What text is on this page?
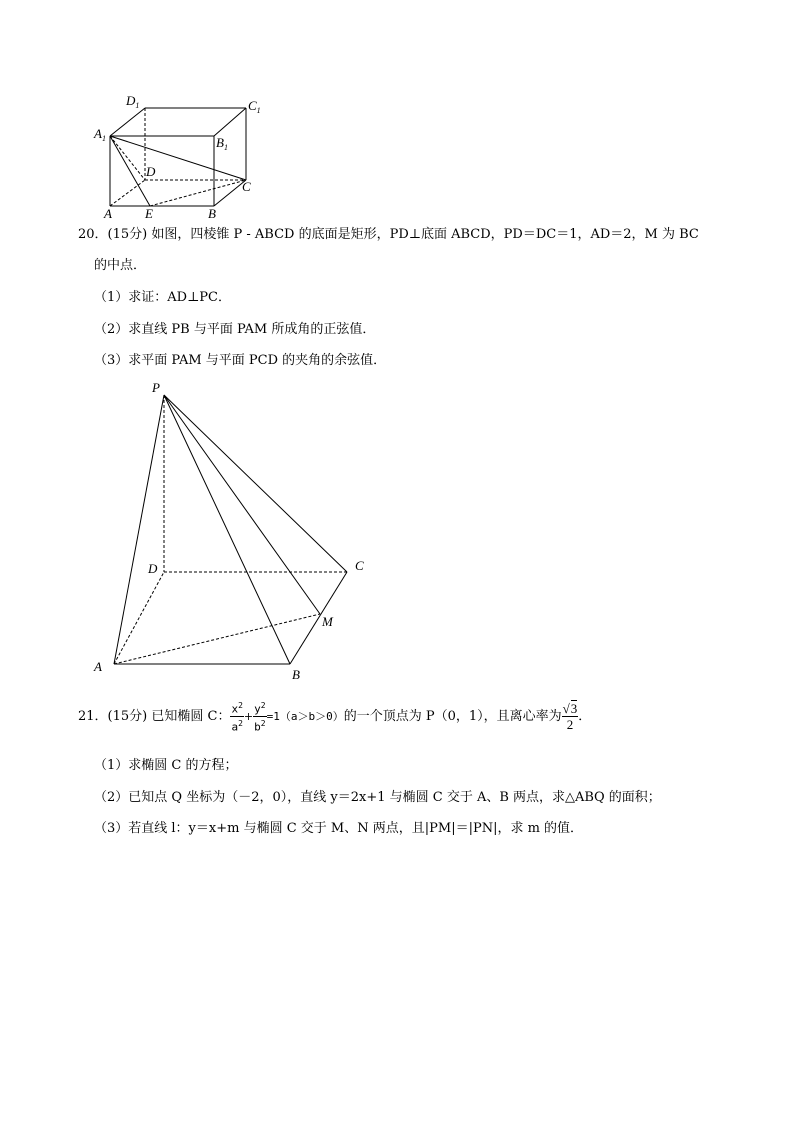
$D_1$	$C_1$
$A_1$	$B_1$
D
C
A	E	B
20．(15分) 如图，四棱锥 P - ABCD 的底面是矩形，PD⊥底面 ABCD，PD＝DC＝1，AD＝2，M 为 BC
的中点．
（1）求证：AD⊥PC．
（2）求直线 PB 与平面 PAM 所成角的正弦值．
（3）求平面 PAM 与平面 PCD 的夹角的余弦值．
P
D	C
M
A
B
21．(15分) 已知椭圆 C： $\frac{x^2}{a^2} + \frac{y^2}{b^2} =1(a>b>0)$的一个顶点为 P（0，1），且离心率为 $\frac{√3}{2}$ ．
（1）求椭圆 C 的方程；
（2）已知点 Q 坐标为（－2，0），直线 y＝2x+1 与椭圆 C 交于 A、B 两点，求△ABQ 的面积；
（3）若直线 l：y＝x+m 与椭圆 C 交于 M、N 两点，且|PM|＝|PN|，求 m 的值．
